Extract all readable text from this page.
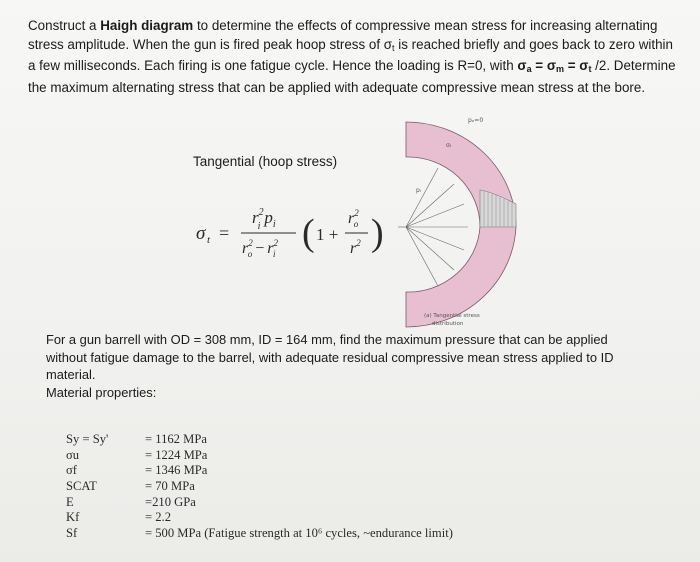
Construct a Haigh diagram to determine the effects of compressive mean stress for increasing alternating stress amplitude. When the gun is fired peak hoop stress of $\sigma_t$ is reached briefly and goes back to zero within a few milliseconds. Each firing is one fatigue cycle. Hence the loading is R=0, with $\sigma_a = \sigma_m = \sigma_t$ /2. Determine the maximum alternating stress that can be applied with adequate compressive mean stress at the bore.
Tangential (hoop stress)
σ t =
$r^2$ i $p_i$
$r^2$ $o - r^2$ i ( 1 +
$r^2$ o
$r^2$ )
pₒ=0
σₜ
pᵢ
(a) Tangential stress
distribution
For a gun barrell with OD = 308 mm, ID = 164 mm, find the maximum pressure that can be applied
without fatigue damage to the barrel, with adequate residual compressive mean stress applied to ID
material.
Material properties:
Sy = Sy'	= 1162 MPa
σu	= 1224 MPa
σf	= 1346 MPa
SCAT	= 70 MPa
E	=210 GPa
Kf	= 2.2
Sf	= 500 MPa (Fatigue strength at 10⁶ cycles, ~endurance limit)
